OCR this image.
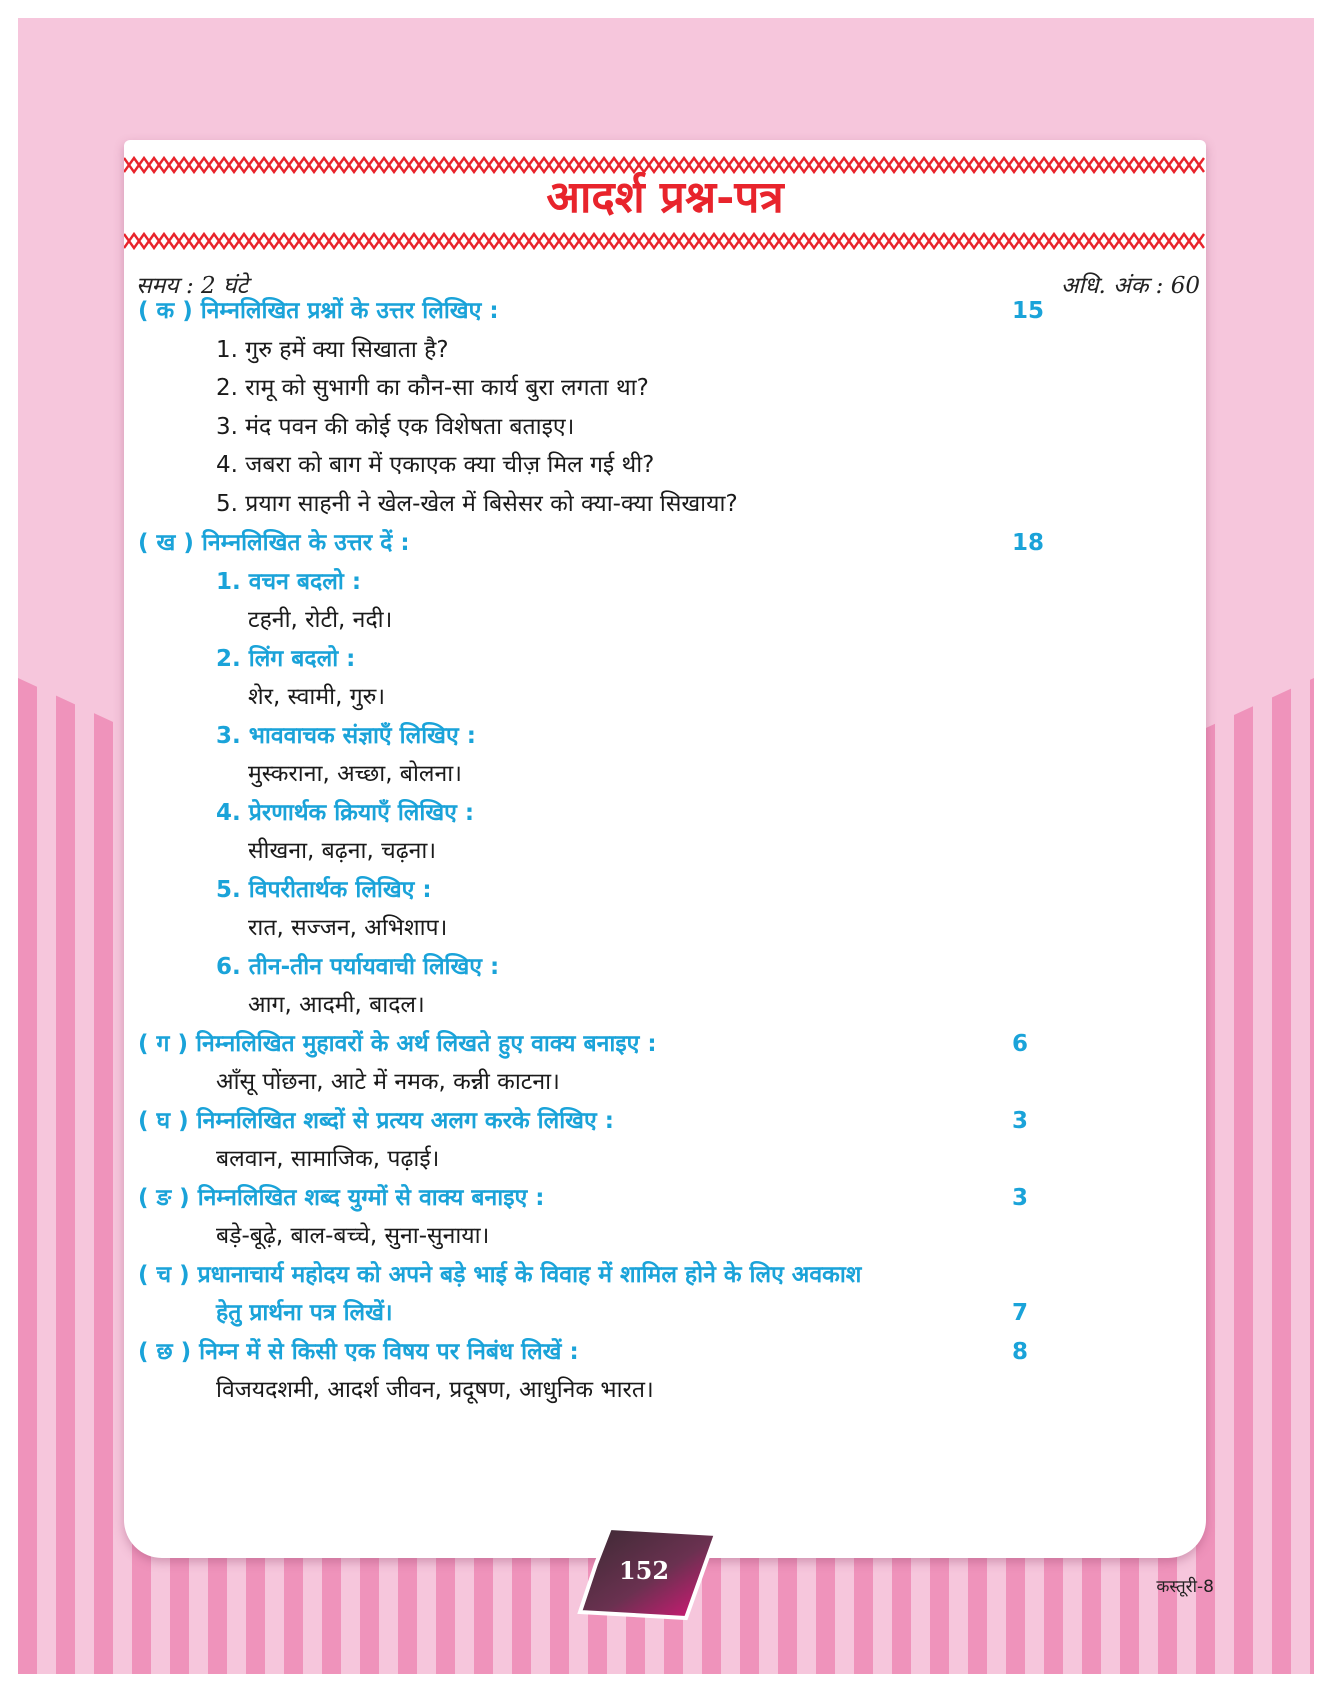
आदर्श प्रश्न-पत्र
समय : 2 घंटे	अधि. अंक : 60
( क ) निम्नलिखित प्रश्नों के उत्तर लिखिए :	15
1. गुरु हमें क्या सिखाता है?
2. रामू को सुभागी का कौन-सा कार्य बुरा लगता था?
3. मंद पवन की कोई एक विशेषता बताइए।
4. जबरा को बाग में एकाएक क्या चीज़ मिल गई थी?
5. प्रयाग साहनी ने खेल-खेल में बिसेसर को क्या-क्या सिखाया?
( ख ) निम्नलिखित के उत्तर दें :	18
1. वचन बदलो :
टहनी, रोटी, नदी।
2. लिंग बदलो :
शेर, स्वामी, गुरु।
3. भाववाचक संज्ञाएँ लिखिए :
मुस्कराना, अच्छा, बोलना।
4. प्रेरणार्थक क्रियाएँ लिखिए :
सीखना, बढ़ना, चढ़ना।
5. विपरीतार्थक लिखिए :
रात, सज्जन, अभिशाप।
6. तीन-तीन पर्यायवाची लिखिए :
आग, आदमी, बादल।
( ग ) निम्नलिखित मुहावरों के अर्थ लिखते हुए वाक्य बनाइए :	6
आँसू पोंछना, आटे में नमक, कन्नी काटना।
( घ ) निम्नलिखित शब्दों से प्रत्यय अलग करके लिखिए :	3
बलवान, सामाजिक, पढ़ाई।
( ङ ) निम्नलिखित शब्द युग्मों से वाक्य बनाइए :	3
बड़े-बूढ़े, बाल-बच्चे, सुना-सुनाया।
( च ) प्रधानाचार्य महोदय को अपने बड़े भाई के विवाह में शामिल होने के लिए अवकाश
हेतु प्रार्थना पत्र लिखें।	7
( छ ) निम्न में से किसी एक विषय पर निबंध लिखें :	8
विजयदशमी, आदर्श जीवन, प्रदूषण, आधुनिक भारत।
कस्तूरी-8
152
